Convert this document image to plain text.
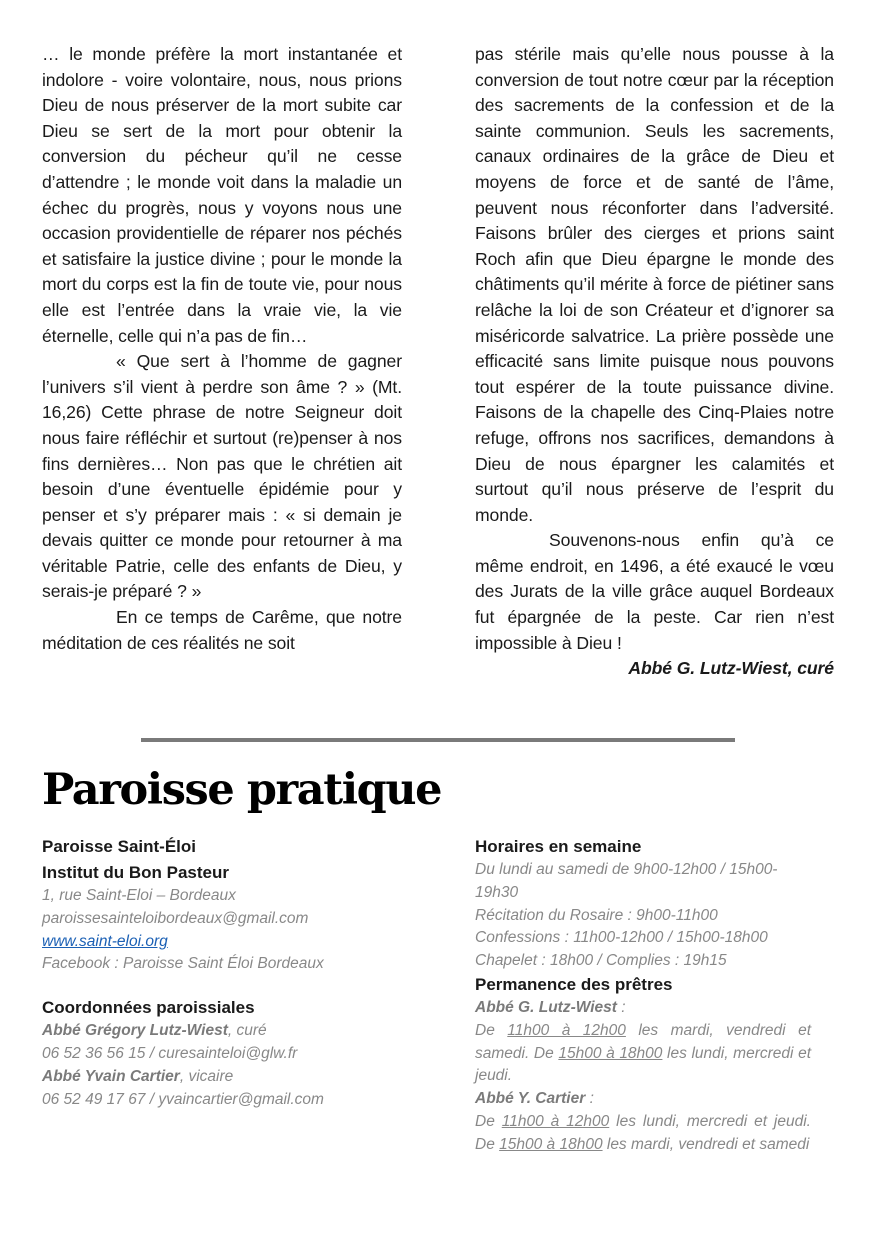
… le monde préfère la mort instantanée et indolore - voire volontaire, nous, nous prions Dieu de nous préserver de la mort subite car Dieu se sert de la mort pour obtenir la conversion du pécheur qu’il ne cesse d’attendre ; le monde voit dans la maladie un échec du progrès, nous y voyons nous une occasion providentielle de réparer nos péchés et satisfaire la justice divine ; pour le monde la mort du corps est la fin de toute vie, pour nous elle est l’entrée dans la vraie vie, la vie éternelle, celle qui n’a pas de fin…

« Que sert à l’homme de gagner l’univers s’il vient à perdre son âme ? » (Mt. 16,26) Cette phrase de notre Seigneur doit nous faire réfléchir et surtout (re)penser à nos fins dernières… Non pas que le chrétien ait besoin d’une éventuelle épidémie pour y penser et s’y préparer mais : « si demain je devais quitter ce monde pour retourner à ma véritable Patrie, celle des enfants de Dieu, y serais-je préparé ? »

En ce temps de Carême, que notre méditation de ces réalités ne soit

pas stérile mais qu’elle nous pousse à la conversion de tout notre cœur par la réception des sacrements de la confession et de la sainte communion. Seuls les sacrements, canaux ordinaires de la grâce de Dieu et moyens de force et de santé de l’âme, peuvent nous réconforter dans l’adversité. Faisons brûler des cierges et prions saint Roch afin que Dieu épargne le monde des châtiments qu’il mérite à force de piétiner sans relâche la loi de son Créateur et d’ignorer sa miséricorde salvatrice. La prière possède une efficacité sans limite puisque nous pouvons tout espérer de la toute puissance divine. Faisons de la chapelle des Cinq-Plaies notre refuge, offrons nos sacrifices, demandons à Dieu de nous épargner les calamités et surtout qu’il nous préserve de l’esprit du monde.

Souvenons-nous enfin qu’à ce même endroit, en 1496, a été exaucé le vœu des Jurats de la ville grâce auquel Bordeaux fut épargnée de la peste. Car rien n’est impossible à Dieu !

Abbé G. Lutz-Wiest, curé

Paroisse pratique

Paroisse Saint-Éloi

Institut du Bon Pasteur

1, rue Saint-Eloi – Bordeaux

paroissesainteloibordeaux@gmail.com

www.saint-eloi.org

Facebook : Paroisse Saint Éloi Bordeaux

Coordonnées paroissiales

Abbé Grégory Lutz-Wiest, curé

06 52 36 56 15 / curesainteloi@glw.fr

Abbé Yvain Cartier, vicaire

06 52 49 17 67 / yvaincartier@gmail.com

Horaires en semaine

Du lundi au samedi de 9h00-12h00 / 15h00-19h30

Récitation du Rosaire : 9h00-11h00

Confessions : 11h00-12h00 / 15h00-18h00

Chapelet : 18h00 / Complies : 19h15

Permanence des prêtres

Abbé G. Lutz-Wiest :

De 11h00 à 12h00 les mardi, vendredi et samedi. De 15h00 à 18h00 les lundi, mercredi et jeudi.

Abbé Y. Cartier :

De 11h00 à 12h00 les lundi, mercredi et jeudi. De 15h00 à 18h00 les mardi, vendredi et samedi
